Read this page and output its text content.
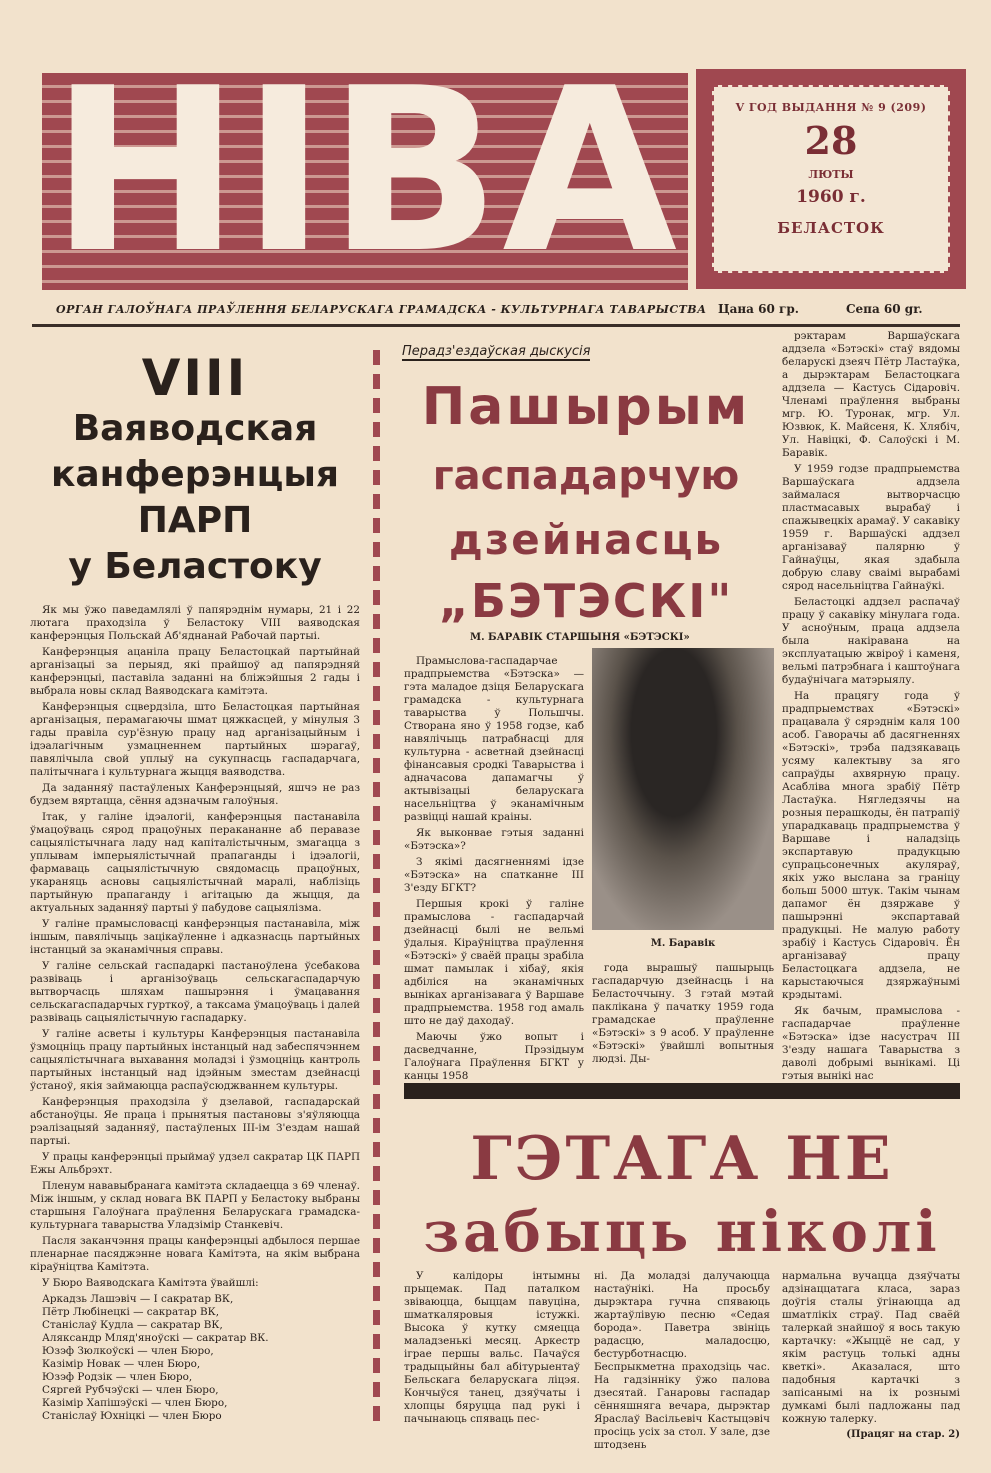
НІВА	V ГОД ВЫДАННЯ № 9 (209)
28
ЛЮТЫ
1960 г.
БЕЛАСТОК
ОРГАН ГАЛОЎНАГА ПРАЎЛЕННЯ БЕЛАРУСКАГА ГРАМАДСКА - КУЛЬТУРНАГА ТАВАРЫСТВА Цана 60 гр.	Сепа 60 gr.
VIII
Ваяводская
канферэнцыя
ПАРП
у Беластоку

Як мы ўжо паведамлялі ў папярэднім нумары, 21 і 22 лютага праходзіла ў Беластоку VIII ваяводская канферэнцыя Польскай Аб'яднанай Рабочай партыі.

Канферэнцыя ацаніла працу Беластоцкай партыйнай арганізацыі за перыяд, які прайшоў ад папярэдняй канферэнцыі, паставіла заданні на бліжэйшыя 2 гады і выбрала новы склад Ваяводскага камітэта.

Канферэнцыя сцвердзіла, што Беластоцкая партыйная арганізацыя, перамагаючы шмат цяжкасцей, у мінулыя 3 гады правіла сур'ёзную працу над арганізацыйным і ідэалагічным узмацненнем партыйных шэрагаў, павялічыла свой уплыў на сукупнасць гаспадарчага, палітычнага і культурнага жыцця ваяводства.

Да заданняў пастаўленых Канферэнцыяй, яшчэ не раз будзем вяртацца, сёння адзначым галоўныя.

Ітак, у галіне ідэалогіі, канферэнцыя пастанавіла ўмацоўваць сярод працоўных перакананне аб перавазе сацыялістычнага ладу над капіталістычным, змагацца з уплывам імперыялістычнай прапаганды і ідэалогіі, фармаваць сацыялістычную свядомасць працоўных, укараняць асновы сацыялістычнай маралі, наблізіць партыйную прапаганду і агітацыю да жыцця, да актуальных заданняў партыі ў пабудове сацыялізма.

У галіне прамысловасці канферэнцыя пастанавіла, між іншым, павялічыць зацікаўленне і адказнасць партыйных інстанцый за эканамічныя справы.

У галіне сельскай гаспадаркі пастаноўлена ўсебакова развіваць і арганізоўваць сельскагаспадарчую вытворчасць шляхам пашырэння і ўмацавання сельскагаспадарчых гурткоў, а таксама ўмацоўваць і далей развіваць сацыялістычную гаспадарку.

У галіне асветы і культуры Канферэнцыя пастанавіла ўзмоцніць працу партыйных інстанцый над забеспячэннем сацыялістычнага выхавання моладзі і ўзмоцніць кантроль партыйных інстанцый над ідэйным зместам дзейнасці ўстаноў, якія займаюцца распаўсюджваннем культуры.

Канферэнцыя праходзіла ў дзелавой, гаспадарскай абстаноўцы. Яе праца і прынятыя пастановы з'яўляюцца рэалізацыяй заданняў, пастаўленых III-ім З'ездам нашай партыі.

У працы канферэнцыі прыймаў удзел сакратар ЦК ПАРП Ежы Альбрэхт.

Пленум нававыбранага камітэта складаецца з 69 членаў. Між іншым, у склад новага ВК ПАРП у Беластоку выбраны старшыня Галоўнага праўлення Беларускага грамадска-культурнага таварыства Уладзімір Станкевіч.

Пасля заканчэння працы канферэнцыі адбылося першае пленарнае пасяджэнне новага Камітэта, на якім выбрана кіраўніцтва Камітэта.

У Бюро Ваяводскага Камітэта ўвайшлі:

Аркадзь Лашэвіч — I сакратар ВК,
Пётр Любінецкі — сакратар ВК,
Станіслаў Кудла — сакратар ВК,
Аляксандр Мляд'яноўскі — сакратар ВК.
Юзэф Зюлкоўскі — член Бюро,
Казімір Новак — член Бюро,
Юзэф Родзік — член Бюро,
Сяргей Рубчэўскі — член Бюро,
Казімір Хапішэўскі — член Бюро,
Станіслаў Юхніцкі — член Бюро
Перадз'ездаўская дыскусія
Пашырым
гаспадарчую
дзейнасць
„БЭТЭСКІ"
М. БАРАВІК СТАРШЫНЯ «БЭТЭСКІ»

Прамыслова-гаспадарчае прадпрыемства «Бэтэска» — гэта маладое дзіця Беларускага грамадска - культурнага таварыства ў Польшчы. Створана яно ў 1958 годзе, каб навялічыць патрабнасці для культурна - асветнай дзейнасці фінансавыя сродкі Таварыства і адначасова дапамагчы ў актывізацыі беларускага насельніцтва ў эканамічным развіцці нашай краіны.

Як выконвае гэтыя заданні «Бэтэска»?

З якімі дасягненнямі ідзе «Бэтэска» на спатканне III З'езду БГКТ?

Першыя крокі ў галіне прамыслова - гаспадарчай дзейнасці былі не вельмі ўдалыя. Кіраўніцтва праўлення «Бэтэскі» ў сваёй працы зрабіла шмат памылак і хібаў, якія адбіліся на эканамічных выніках арганізавага ў Варшаве прадпрыемства. 1958 год амаль што не даў даходаў.

Маючы ўжо вопыт і дасведчанне, Прэзідыум Галоўнага Праўлення БГКТ у канцы 1958

М. Баравік

года вырашыў пашырыць гаспадарчую дзейнасць і на Беласточчыну. З гэтай мэтай паклікана ў пачатку 1959 года грамадскае праўленне «Бэтэскі» з 9 асоб. У праўленне «Бэтэскі» ўвайшлі вопытныя людзі. Ды-

рэктарам Варшаўскага аддзела «Бэтэскі» стаў вядомы беларускі дзеяч Пётр Ластаўка, а дырэктарам Беластоцкага аддзела — Кастусь Сідаровіч. Членамі праўлення выбраны мгр. Ю. Туронак, мгр. Ул. Юзвюк, К. Майсеня, К. Хлябіч, Ул. Навіцкі, Ф. Салоўскі і М. Баравік.

У 1959 годзе прадпрыемства Варшаўскага аддзела займалася вытворчасцю пластмасавых вырабаў і спажывецкіх арамаў. У сакавіку 1959 г. Варшаўскі аддзел арганізаваў палярню ў Гайнаўцы, якая здабыла добрую славу сваімі вырабамі сярод насельніцтва Гайнаўкі.

Беластоцкі аддзел распачаў працу ў сакавіку мінулага года. У асноўным, праца аддзела была накіравана на эксплуатацыю жвіроў і каменя, вельмі патрэбнага і каштоўнага будаўнічага матэрыялу.

На працягу года ў прадпрыемствах «Бэтэскі» працавала ў сярэднім каля 100 асоб. Гаворачы аб дасягненнях «Бэтэскі», трэба падзякаваць усяму калектыву за яго сапраўды ахвярную працу. Асабліва многа зрабіў Пётр Ластаўка. Нягледзячы на розныя перашкоды, ён патрапіў упарадкаваць прадпрыемства ў Варшаве і наладзіць экспартавую прадукцыю супрацьсонечных акуляраў, якіх ужо выслана за граніцу больш 5000 штук. Такім чынам дапамог ён дзяржаве ў пашырэнні экспартавай прадукцыі. Не малую работу зрабіў і Кастусь Сідаровіч. Ён арганізаваў працу Беластоцкага аддзела, не карыстаючыся дзяржаўнымі крэдытамі.

Як бачым, прамыслова - гаспадарчае праўленне «Бэтэска» ідзе насустрач III З'езду нашага Таварыства з даволі добрымі вынікамі. Ці гэтыя вынікі нас

ГЭТАГА НЕ
забыць ніколі

У калідоры інтымны прыцемак. Пад паталком звіваюцца, быццам павуціна, шматкаляровыя істужкі. Высока ў кутку смяецца маладзенькі месяц. Аркестр іграе першы вальс. Пачаўся традыцыйны бал абітурыентаў Бельскага беларускага ліцэя. Кончыўся танец, дзяўчаты і хлопцы бяруцца пад рукі і пачынаюць спяваць пес-

ні. Да моладзі далучаюцца настаўнікі. На просьбу дырэктара гучна спяваюць жартаўлівую песню «Седая борода». Паветра звініць радасцю, маладосцю, бестурботнасцю. Беспрыкметна праходзіць час. На гадзінніку ўжо палова дзесятай. Ганаровы гаспадар сённяшняга вечара, дырэктар Яраслаў Васільевіч Кастыцэвіч просіць усіх за стол. У зале, дзе штодзень

нармальна вучацца дзяўчаты адзінаццатага класа, зараз доўгія сталы ўгінаюцца ад шматлікіх страў. Пад сваёй талеркай знайшоў я вось такую картачку: «Жыццё не сад, у якім растуць толькі адны кветкі». Аказалася, што падобныя картачкі з запісанымі на іх рознымі думкамі былі падложаны пад кожную талерку.

(Працяг на стар. 2)
